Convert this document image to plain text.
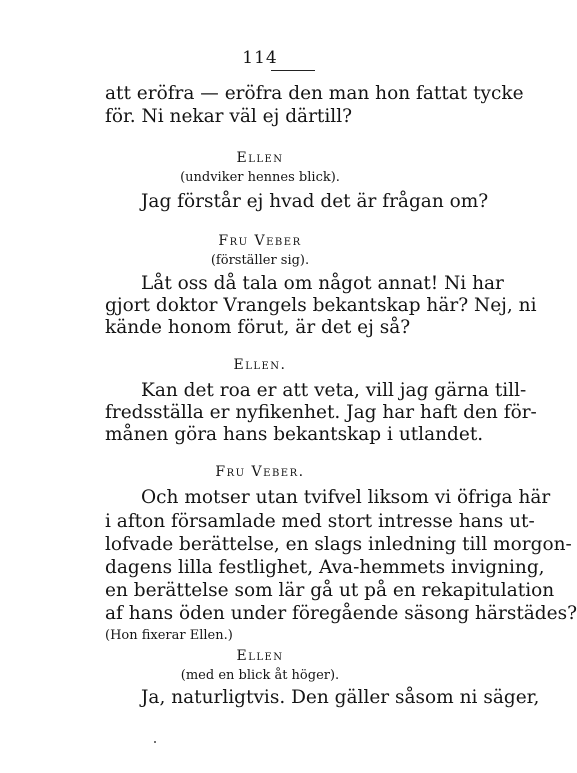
114
att eröfra — eröfra den man hon fattat tycke
för. Ni nekar väl ej därtill?
Ellen
(undviker hennes blick).
Jag förstår ej hvad det är frågan om?
Fru Veber
(förställer sig).
Låt oss då tala om något annat! Ni har
gjort doktor Vrangels bekantskap här? Nej, ni
kände honom förut, är det ej så?
Ellen.
Kan det roa er att veta, vill jag gärna till-
fredsställa er nyfikenhet. Jag har haft den för-
månen göra hans bekantskap i utlandet.
Fru Veber.
Och motser utan tvifvel liksom vi öfriga här
i afton församlade med stort intresse hans ut-
lofvade berättelse, en slags inledning till morgon-
dagens lilla festlighet, Ava-hemmets invigning,
en berättelse som lär gå ut på en rekapitulation
af hans öden under föregående säsong härstädes?
(Hon fixerar Ellen.)
Ellen
(med en blick åt höger).
Ja, naturligtvis. Den gäller såsom ni säger,
